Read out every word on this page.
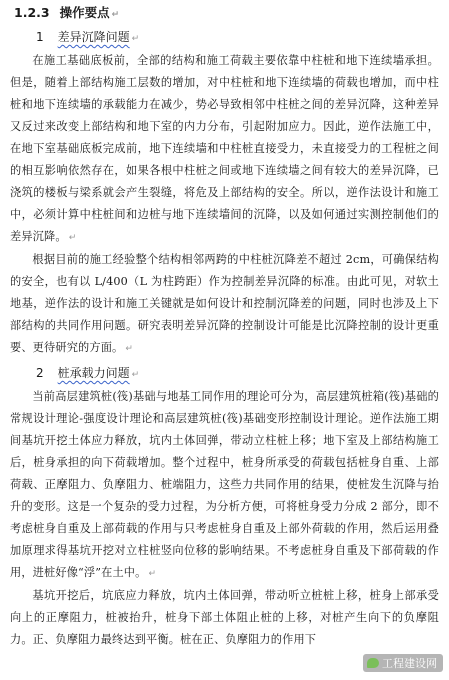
1.2.3 操作要点 ↵
1 差异沉降问题 ↵

在施工基础底板前，全部的结构和施工荷载主要依靠中柱桩和地下连续墙承担。但是，随着上部结构施工层数的增加，对中柱桩和地下连续墙的荷载也增加，而中柱桩和地下连续墙的承载能力在减少，势必导致相邻中柱桩之间的差异沉降，这种差异又反过来改变上部结构和地下室的内力分布，引起附加应力。因此，逆作法施工中，在地下室基础底板完成前，地下连续墙和中柱桩直接受力，未直接受力的工程桩之间的相互影响依然存在，如果各根中柱桩之间或地下连续墙之间有较大的差异沉降，已浇筑的楼板与梁系就会产生裂缝，将危及上部结构的安全。所以，逆作法设计和施工中，必须计算中柱桩间和边桩与地下连续墙间的沉降，以及如何通过实测控制他们的差异沉降。 ↵

根据目前的施工经验整个结构相邻两跨的中柱桩沉降差不超过 2cm，可确保结构的安全，也有以 L/400（L 为柱跨距）作为控制差异沉降的标准。由此可见，对软土地基，逆作法的设计和施工关键就是如何设计和控制沉降差的问题，同时也涉及上下部结构的共同作用问题。研究表明差异沉降的控制设计可能是比沉降控制的设计更重要、更待研究的方面。 ↵

2 桩承载力问题 ↵

当前高层建筑桩(筏)基础与地基工同作用的理论可分为，高层建筑桩箱(筏)基础的常规设计理论-强度设计理论和高层建筑桩(筏)基础变形控制设计理论。逆作法施工期间基坑开挖土体应力释放，坑内土体回弹，带动立柱桩上移；地下室及上部结构施工后，桩身承担的向下荷载增加。整个过程中，桩身所承受的荷载包括桩身自重、上部荷载、正摩阻力、负摩阻力、桩端阻力，这些力共同作用的结果，使桩发生沉降与抬升的变形。这是一个复杂的受力过程，为分析方便，可将桩身受力分成 2 部分，即不考虑桩身自重及上部荷载的作用与只考虑桩身自重及上部外荷载的作用，然后运用叠加原理求得基坑开挖对立柱桩竖向位移的影响结果。不考虑桩身自重及下部荷载的作用，进桩好像“浮”在土中。 ↵

基坑开挖后，坑底应力释放，坑内土体回弹，带动听立桩桩上移，桩身上部承受向上的正摩阻力，桩被抬升，桩身下部土体阻止桩的上移，对桩产生向下的负摩阻力。正、负摩阻力最终达到平衡。桩在正、负摩阻力的作用下

工程建设网
